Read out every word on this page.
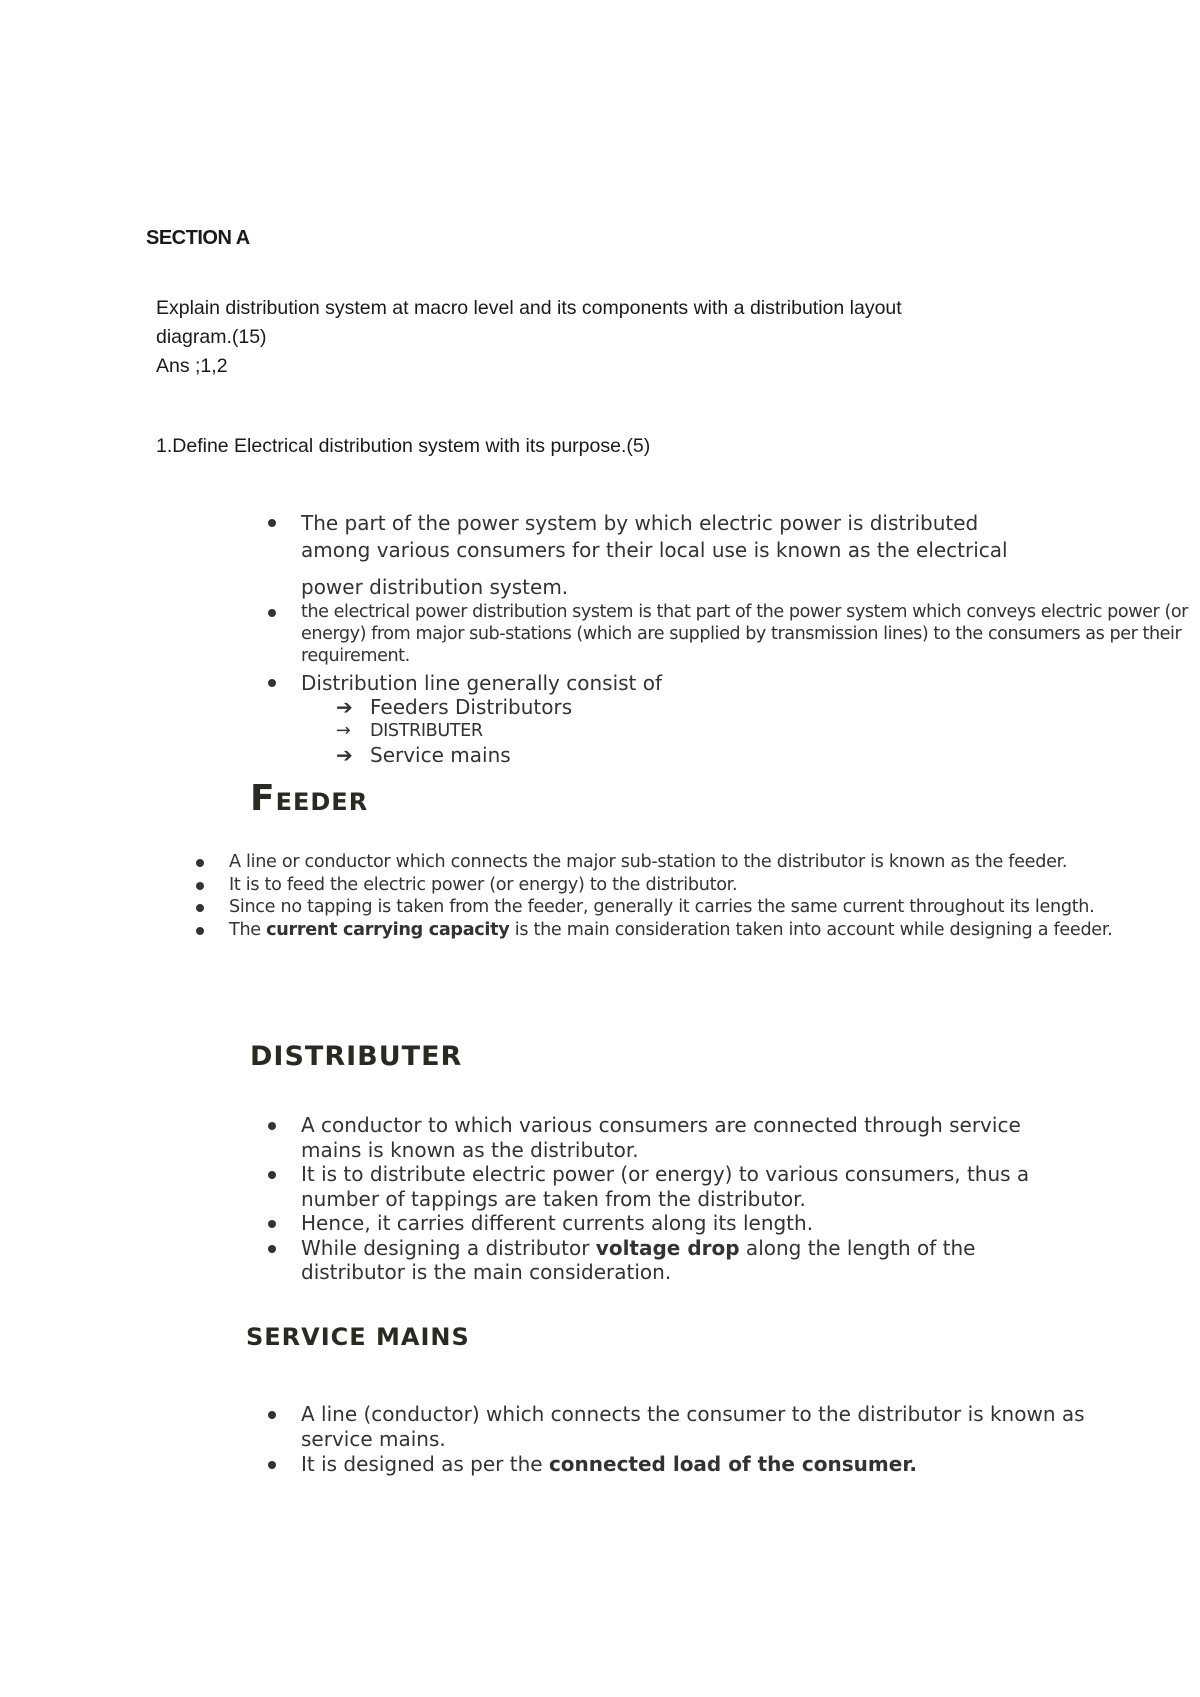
SECTION A

Explain distribution system at macro level and its components with a distribution layout

diagram.(15)

Ans ;1,2

1.Define Electrical distribution system with its purpose.(5)

The part of the power system by which electric power is distributed
among various consumers for their local use is known as the electrical
power distribution system.
the electrical power distribution system is that part of the power system which conveys electric power (or energy) from major sub-stations (which are supplied by transmission lines) to the consumers as per their requirement.
Distribution line generally consist of
➔ Feeders Distributors
→ DISTRIBUTER
➔ Service mains

FEEDER

A line or conductor which connects the major sub-station to the distributor is known as the feeder.
It is to feed the electric power (or energy) to the distributor.
Since no tapping is taken from the feeder, generally it carries the same current throughout its length.
The current carrying capacity is the main consideration taken into account while designing a feeder.

DISTRIBUTER

A conductor to which various consumers are connected through service mains is known as the distributor.
It is to distribute electric power (or energy) to various consumers, thus a number of tappings are taken from the distributor.
Hence, it carries different currents along its length.
While designing a distributor voltage drop along the length of the distributor is the main consideration.

SERVICE MAINS

A line (conductor) which connects the consumer to the distributor is known as service mains.
It is designed as per the connected load of the consumer.
